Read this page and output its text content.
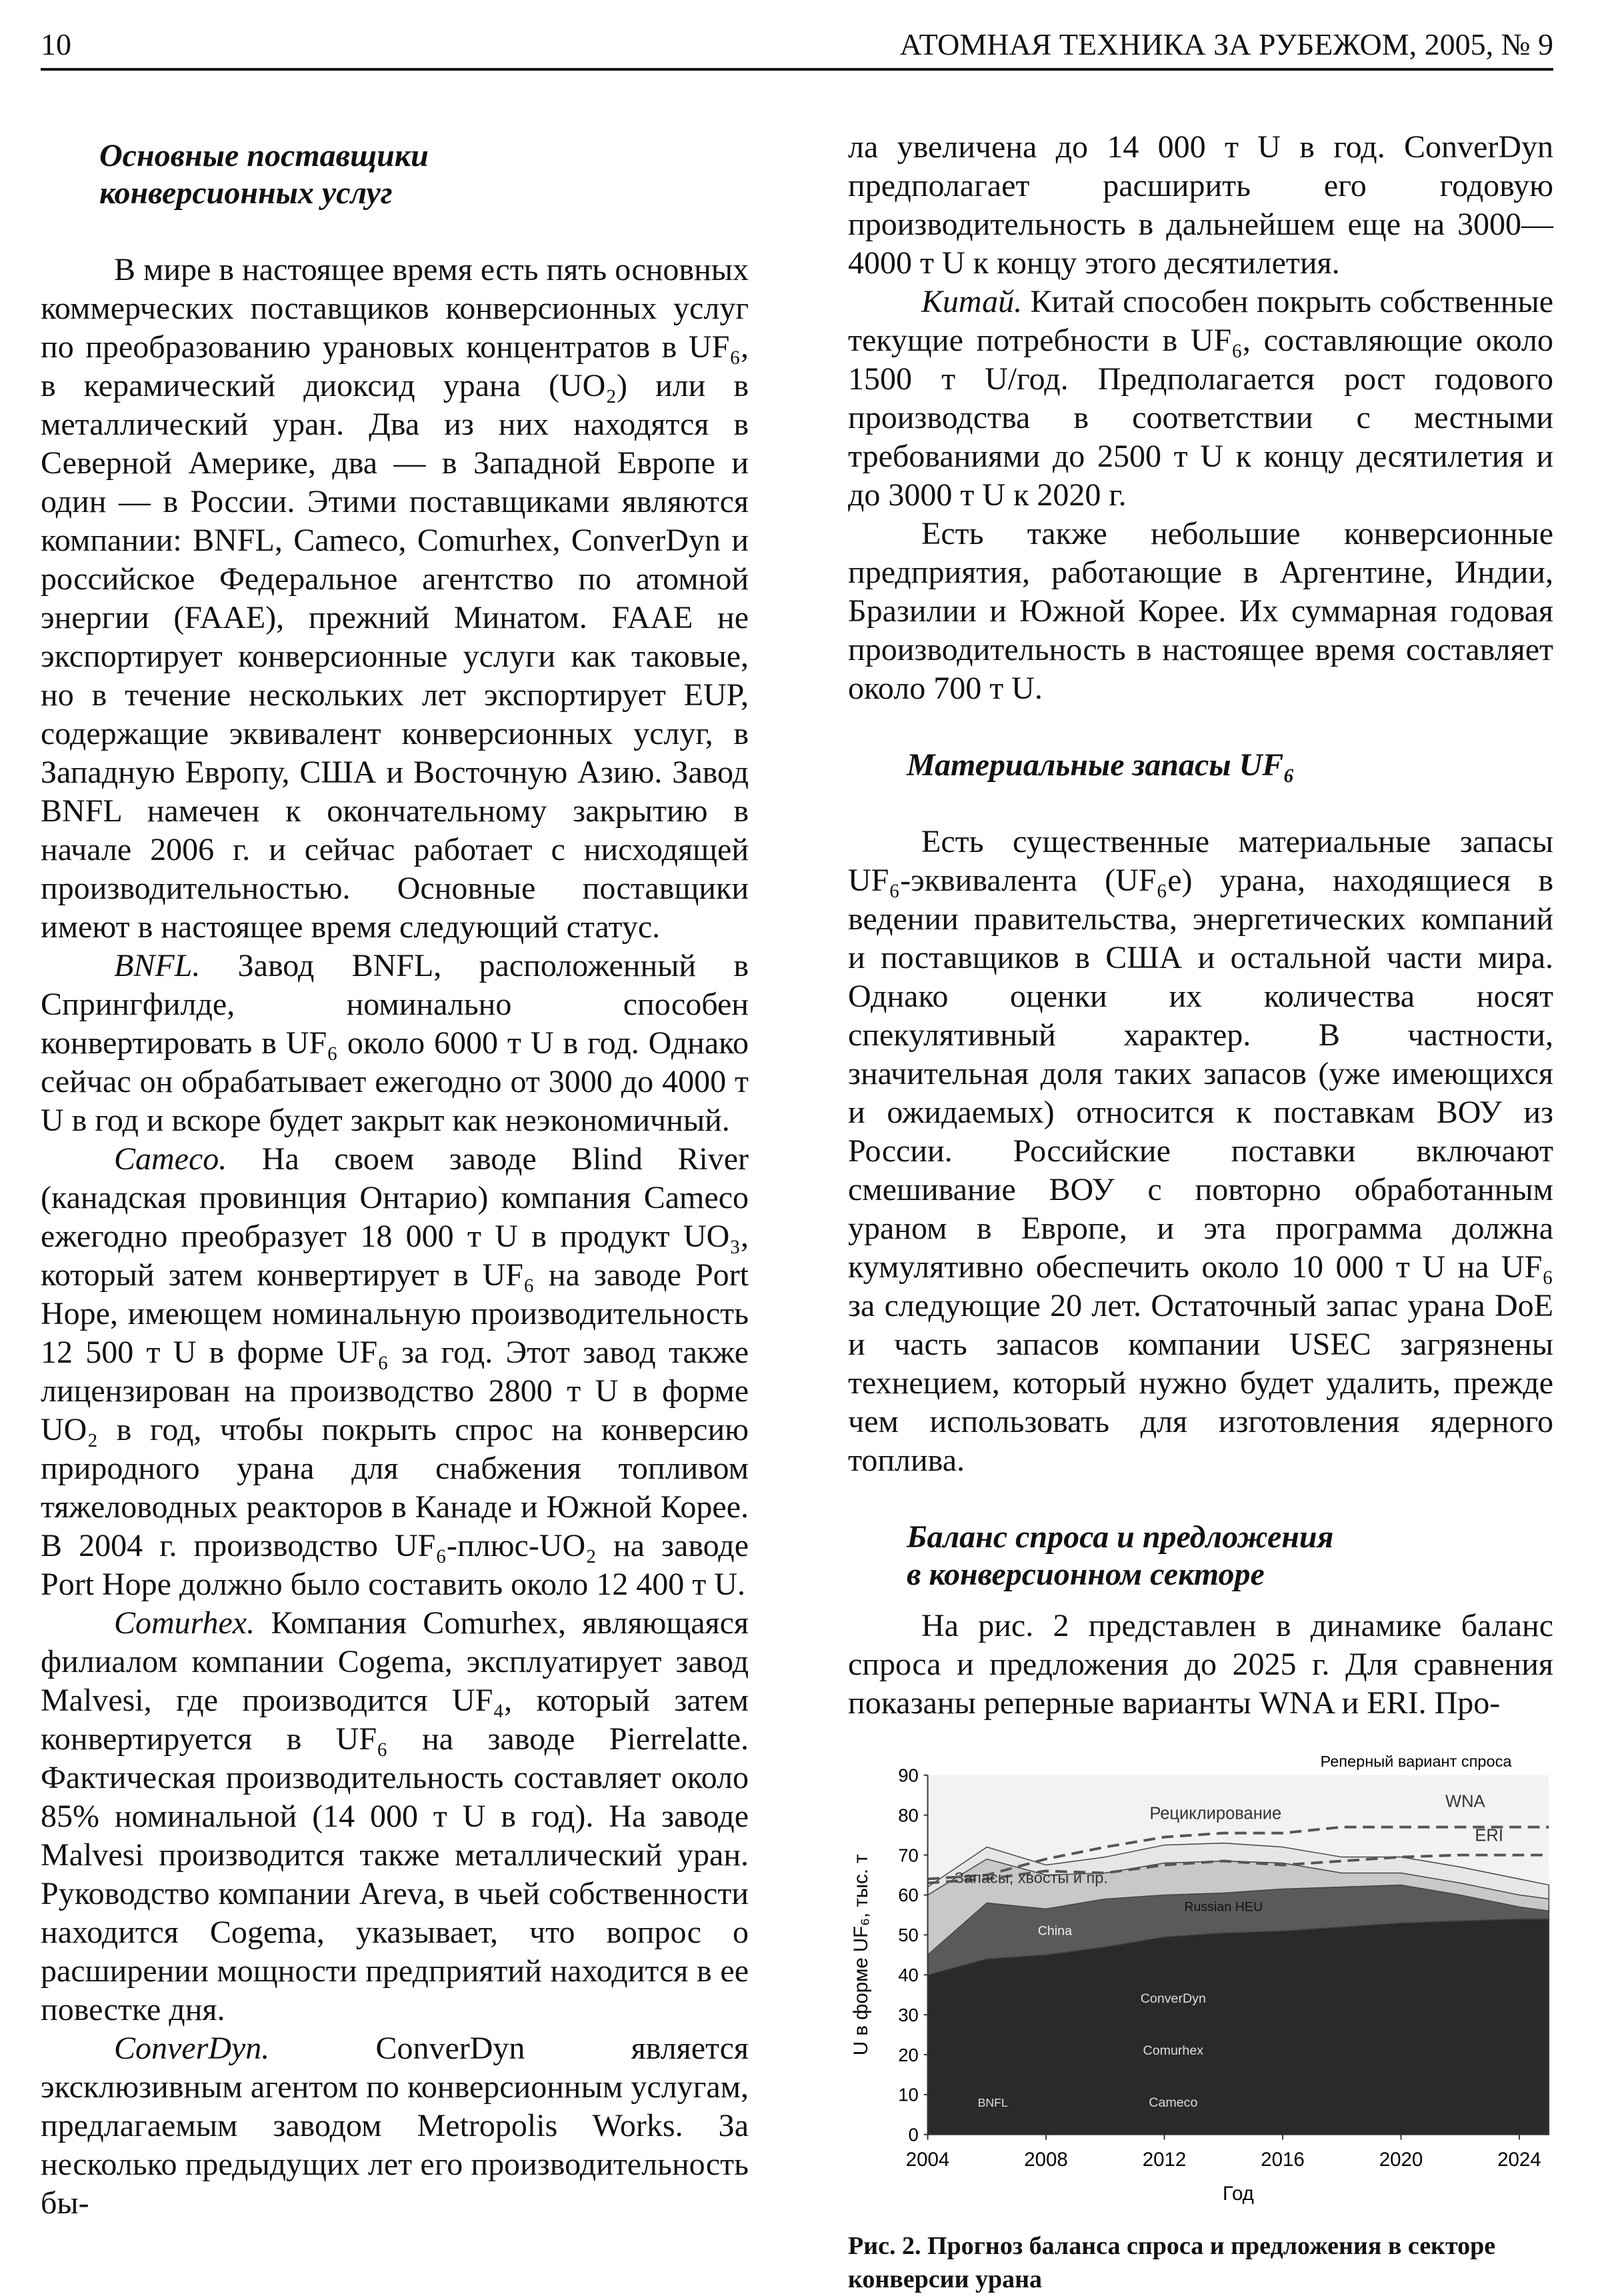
10	АТОМНАЯ ТЕХНИКА ЗА РУБЕЖОМ, 2005, № 9
Основные поставщики
конверсионных услуг

В мире в настоящее время есть пять основных коммерческих поставщиков конверсионных услуг по преобразованию урановых концентратов в UF₆, в керамический диоксид урана (UO₂) или в металлический уран. Два из них находятся в Северной Америке, два — в Западной Европе и один — в России. Этими поставщиками являются компании: BNFL, Cameco, Comurhex, ConverDyn и российское Федеральное агентство по атомной энергии (FAAE), прежний Минатом. FAAE не экспортирует конверсионные услуги как таковые, но в течение нескольких лет экспортирует EUP, содержащие эквивалент конверсионных услуг, в Западную Европу, США и Восточную Азию. Завод BNFL намечен к окончательному закрытию в начале 2006 г. и сейчас работает с нисходящей производительностью. Основные поставщики имеют в настоящее время следующий статус.

BNFL. Завод BNFL, расположенный в Спрингфилде, номинально способен конвертировать в UF₆ около 6000 т U в год. Однако сейчас он обрабатывает ежегодно от 3000 до 4000 т U в год и вскоре будет закрыт как неэкономичный.

Cameco. На своем заводе Blind River (канадская провинция Онтарио) компания Cameco ежегодно преобразует 18 000 т U в продукт UO₃, который затем конвертирует в UF₆ на заводе Port Hope, имеющем номинальную производительность 12 500 т U в форме UF₆ за год. Этот завод также лицензирован на производство 2800 т U в форме UO₂ в год, чтобы покрыть спрос на конверсию природного урана для снабжения топливом тяжеловодных реакторов в Канаде и Южной Корее. В 2004 г. производство UF₆-плюс-UO₂ на заводе Port Hope должно было составить около 12 400 т U.

Comurhex. Компания Comurhex, являющаяся филиалом компании Cogema, эксплуатирует завод Malvesi, где производится UF₄, который затем конвертируется в UF₆ на заводе Pierrelatte. Фактическая производительность составляет около 85% номинальной (14 000 т U в год). На заводе Malvesi производится также металлический уран. Руководство компании Areva, в чьей собственности находится Cogema, указывает, что вопрос о расширении мощности предприятий находится в ее повестке дня.

ConverDyn. ConverDyn является эксклюзивным агентом по конверсионным услугам, предлагаемым заводом Metropolis Works. За несколько предыдущих лет его производительность бы-

ла увеличена до 14 000 т U в год. ConverDyn предполагает расширить его годовую производительность в дальнейшем еще на 3000—4000 т U к концу этого десятилетия.

Китай. Китай способен покрыть собственные текущие потребности в UF₆, составляющие около 1500 т U/год. Предполагается рост годового производства в соответствии с местными требованиями до 2500 т U к концу десятилетия и до 3000 т U к 2020 г.

Есть также небольшие конверсионные предприятия, работающие в Аргентине, Индии, Бразилии и Южной Корее. Их суммарная годовая производительность в настоящее время составляет около 700 т U.

Материальные запасы UF₆

Есть существенные материальные запасы UF₆-эквивалента (UF₆e) урана, находящиеся в ведении правительства, энергетических компаний и поставщиков в США и остальной части мира. Однако оценки их количества носят спекулятивный характер. В частности, значительная доля таких запасов (уже имеющихся и ожидаемых) относится к поставкам ВОУ из России. Российские поставки включают смешивание ВОУ с повторно обработанным ураном в Европе, и эта программа должна кумулятивно обеспечить около 10 000 т U на UF₆ за следующие 20 лет. Остаточный запас урана DoE и часть запасов компании USEC загрязнены технецием, который нужно будет удалить, прежде чем использовать для изготовления ядерного топлива.

Баланс спроса и предложения
в конверсионном секторе

На рис. 2 представлен в динамике баланс спроса и предложения до 2025 г. Для сравнения показаны реперные варианты WNA и ERI. Про-

0
10
20
30
40
50
60
70
80
90
2004	2008	2012	2016	2020	2024
Год
U в форме UF₆, тыс. т
Реперный вариант спроса
WNA
ERI
Рециклирование
Запасы, хвосты и пр.
Russian HEU
China
ConverDyn
Comurhex
Cameco
BNFL
Рис. 2. Прогноз баланса спроса и предложения в секторе конверсии урана
